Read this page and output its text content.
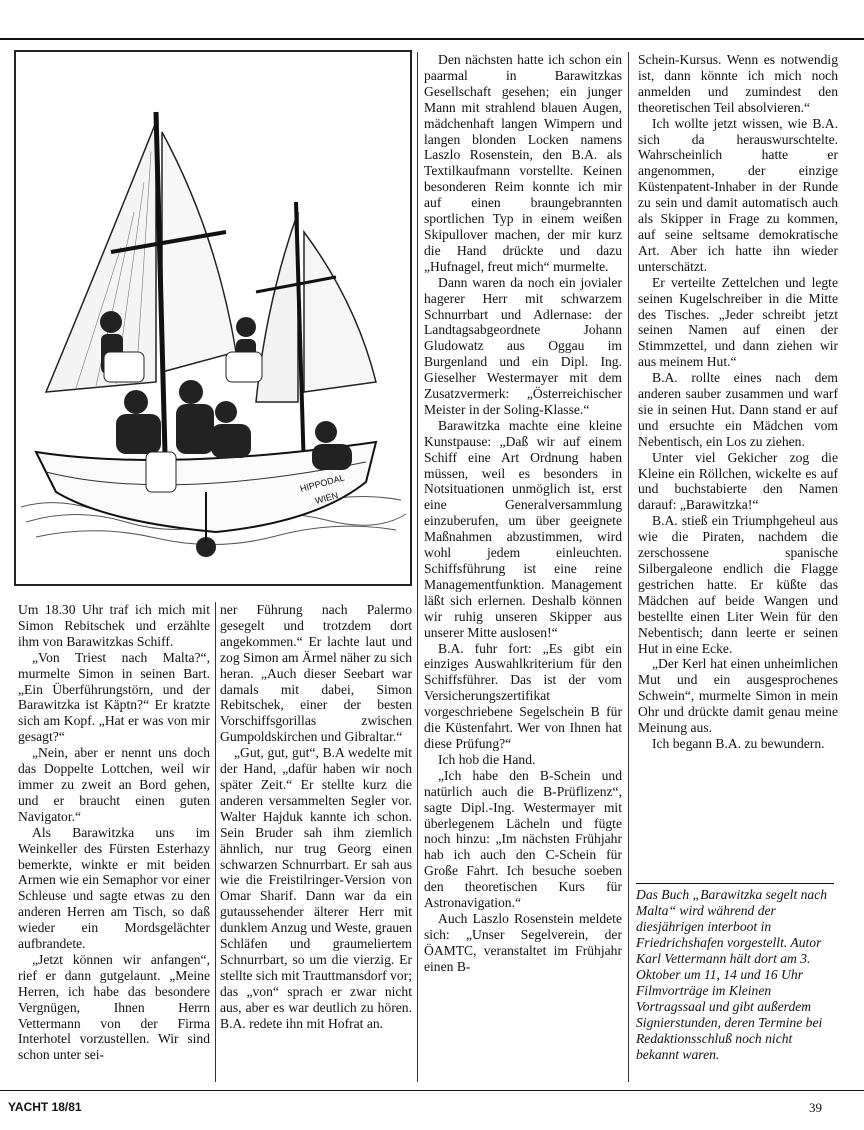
HIPPODAL
WIEN

Um 18.30 Uhr traf ich mich mit Simon Rebitschek und erzählte ihm von Barawitzkas Schiff.

„Von Triest nach Malta?“, murmelte Simon in seinen Bart. „Ein Überführungstörn, und der Barawitzka ist Käptn?“ Er kratzte sich am Kopf. „Hat er was von mir gesagt?“

„Nein, aber er nennt uns doch das Doppelte Lottchen, weil wir immer zu zweit an Bord gehen, und er braucht einen guten Navigator.“

Als Barawitzka uns im Weinkeller des Fürsten Esterhazy bemerkte, winkte er mit beiden Armen wie ein Semaphor vor einer Schleuse und sagte etwas zu den anderen Herren am Tisch, so daß wieder ein Mordsgelächter aufbrandete.

„Jetzt können wir anfangen“, rief er dann gutgelaunt. „Meine Herren, ich habe das besondere Vergnügen, Ihnen Herrn Vettermann von der Firma Interhotel vorzustellen. Wir sind schon unter sei-

ner Führung nach Palermo gesegelt und trotzdem dort angekommen.“ Er lachte laut und zog Simon am Ärmel näher zu sich heran. „Auch dieser Seebart war damals mit dabei, Simon Rebitschek, einer der besten Vorschiffsgorillas zwischen Gumpoldskirchen und Gibraltar.“

„Gut, gut, gut“, B.A wedelte mit der Hand, „dafür haben wir noch später Zeit.“ Er stellte kurz die anderen versammelten Segler vor. Walter Hajduk kannte ich schon. Sein Bruder sah ihm ziemlich ähnlich, nur trug Georg einen schwarzen Schnurrbart. Er sah aus wie die Freistilringer-Version von Omar Sharif. Dann war da ein gutaussehender älterer Herr mit dunklem Anzug und Weste, grauen Schläfen und graumeliertem Schnurrbart, so um die vierzig. Er stellte sich mit Trauttmansdorf vor; das „von“ sprach er zwar nicht aus, aber es war deutlich zu hören. B.A. redete ihn mit Hofrat an.

Den nächsten hatte ich schon ein paarmal in Barawitzkas Gesellschaft gesehen; ein junger Mann mit strahlend blauen Augen, mädchenhaft langen Wimpern und langen blonden Locken namens Laszlo Rosenstein, den B.A. als Textilkaufmann vorstellte. Keinen besonderen Reim konnte ich mir auf einen braungebrannten sportlichen Typ in einem weißen Skipullover machen, der mir kurz die Hand drückte und dazu „Hufnagel, freut mich“ murmelte.

Dann waren da noch ein jovialer hagerer Herr mit schwarzem Schnurrbart und Adlernase: der Landtagsabgeordnete Johann Gludowatz aus Oggau im Burgenland und ein Dipl. Ing. Gieselher Westermayer mit dem Zusatzvermerk: „Österreichischer Meister in der Soling-Klasse.“

Barawitzka machte eine kleine Kunstpause: „Daß wir auf einem Schiff eine Art Ordnung haben müssen, weil es besonders in Notsituationen unmöglich ist, erst eine Generalversammlung einzuberufen, um über geeignete Maßnahmen abzustimmen, wird wohl jedem einleuchten. Schiffsführung ist eine reine Managementfunktion. Management läßt sich erlernen. Deshalb können wir ruhig unseren Skipper aus unserer Mitte auslosen!“

B.A. fuhr fort: „Es gibt ein einziges Auswahlkriterium für den Schiffsführer. Das ist der vom Versicherungszertifikat vorgeschriebene Segelschein B für die Küstenfahrt. Wer von Ihnen hat diese Prüfung?“

Ich hob die Hand.

„Ich habe den B-Schein und natürlich auch die B-Prüflizenz“, sagte Dipl.-Ing. Westermayer mit überlegenem Lächeln und fügte noch hinzu: „Im nächsten Frühjahr hab ich auch den C-Schein für Große Fahrt. Ich besuche soeben den theoretischen Kurs für Astronavigation.“

Auch Laszlo Rosenstein meldete sich: „Unser Segelverein, der ÖAMTC, veranstaltet im Frühjahr einen B-

Schein-Kursus. Wenn es notwendig ist, dann könnte ich mich noch anmelden und zumindest den theoretischen Teil absolvieren.“

Ich wollte jetzt wissen, wie B.A. sich da herauswurschtelte. Wahrscheinlich hatte er angenommen, der einzige Küstenpatent-Inhaber in der Runde zu sein und damit automatisch auch als Skipper in Frage zu kommen, auf seine seltsame demokratische Art. Aber ich hatte ihn wieder unterschätzt.

Er verteilte Zettelchen und legte seinen Kugelschreiber in die Mitte des Tisches. „Jeder schreibt jetzt seinen Namen auf einen der Stimmzettel, und dann ziehen wir aus meinem Hut.“

B.A. rollte eines nach dem anderen sauber zusammen und warf sie in seinen Hut. Dann stand er auf und ersuchte ein Mädchen vom Nebentisch, ein Los zu ziehen.

Unter viel Gekicher zog die Kleine ein Röllchen, wickelte es auf und buchstabierte den Namen darauf: „Barawitzka!“

B.A. stieß ein Triumphgeheul aus wie die Piraten, nachdem die zerschossene spanische Silbergaleone endlich die Flagge gestrichen hatte. Er küßte das Mädchen auf beide Wangen und bestellte einen Liter Wein für den Nebentisch; dann leerte er seinen Hut in eine Ecke.

„Der Kerl hat einen unheimlichen Mut und ein ausgesprochenes Schwein“, murmelte Simon in mein Ohr und drückte damit genau meine Meinung aus.

Ich begann B.A. zu bewundern.

Das Buch „Barawitzka segelt nach Malta“ wird während der diesjährigen interboot in Friedrichshafen vorgestellt. Autor Karl Vettermann hält dort am 3. Oktober um 11, 14 und 16 Uhr Filmvorträge im Kleinen Vortragssaal und gibt außerdem Signierstunden, deren Termine bei Redaktionsschluß noch nicht bekannt waren.
YACHT 18/81	39
